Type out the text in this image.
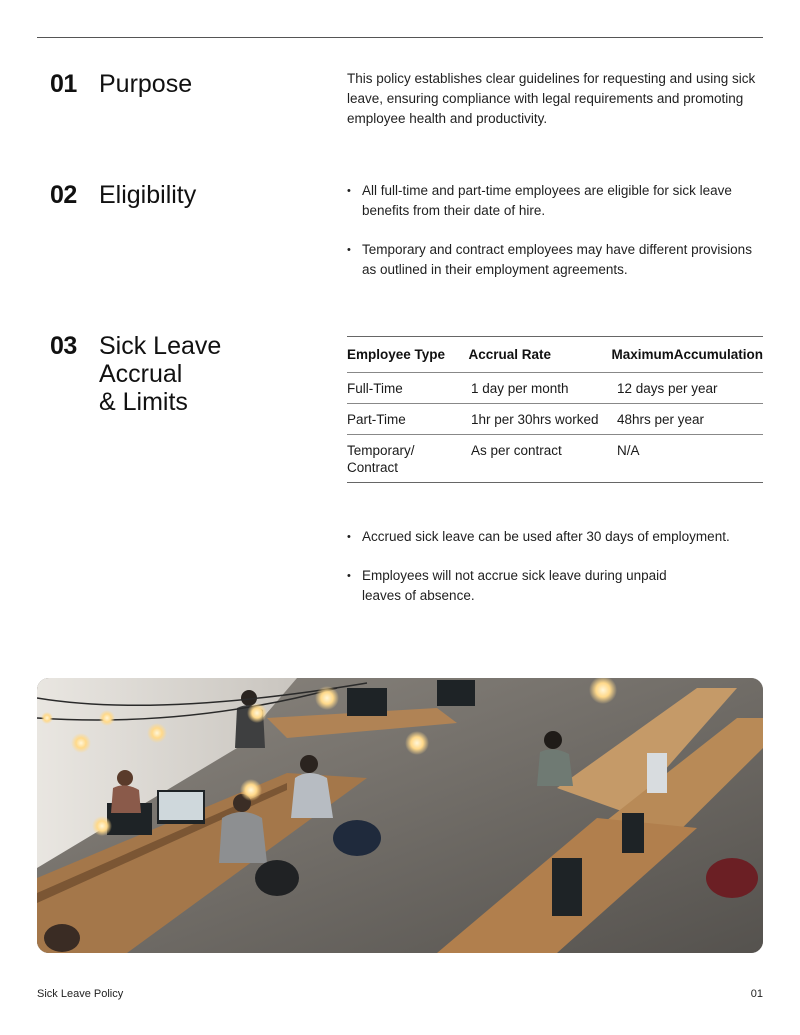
01 Purpose	This policy establishes clear guidelines for requesting and using sick leave, ensuring compliance with legal requirements and promoting employee health and productivity.

02 Eligibility
•	All full-time and part-time employees are eligible for sick leave benefits from their date of hire.
• Temporary and contract employees may have different provisions as outlined in their employment agreements.
03 Sick Leave
Accrual
& Limits
Employee Type	Accrual Rate	MaximumAccumulation
Full-Time	1 day per month	12 days per year
Part-Time	1hr per 30hrs worked	48hrs per year
Temporary/ Contract
As per contract	N/A
• Accrued sick leave can be used after 30 days of employment.
• Employees will not accrue sick leave during unpaid leaves of absence.
Sick Leave Policy	01
